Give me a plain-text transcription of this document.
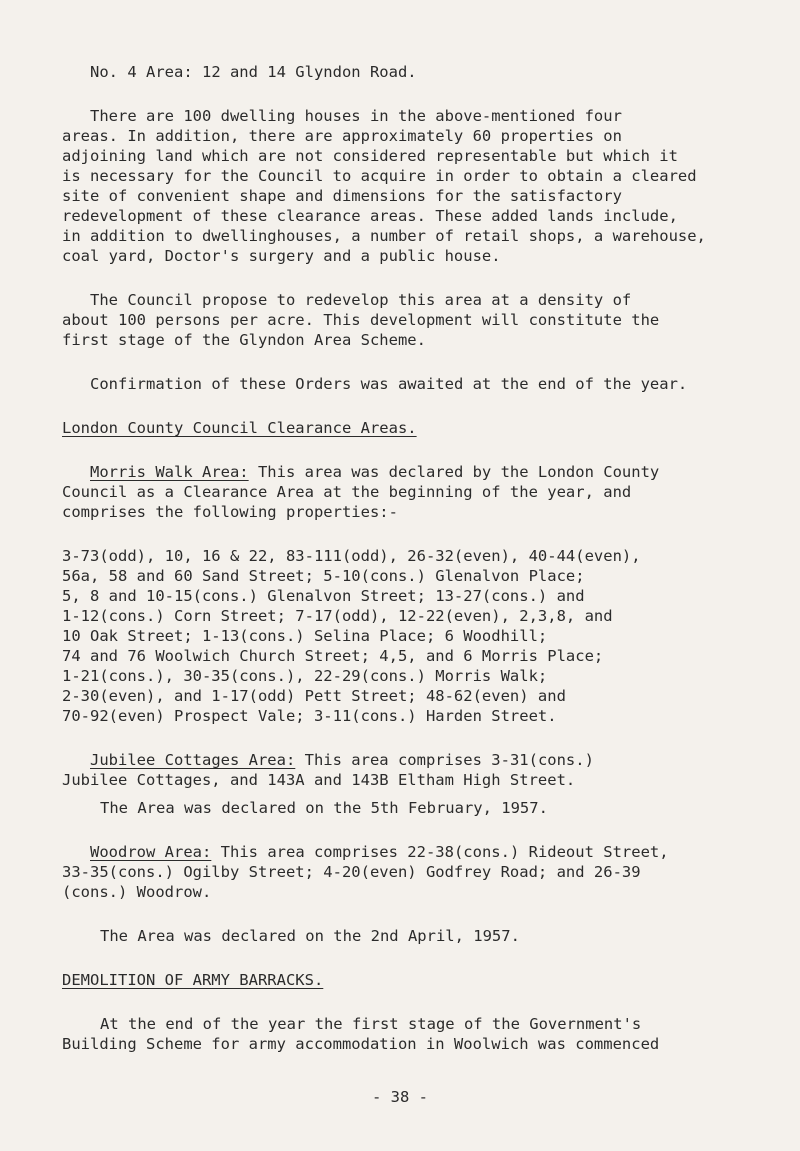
No. 4 Area: 12 and 14 Glyndon Road.
There are 100 dwelling houses in the above-mentioned four
areas. In addition, there are approximately 60 properties on
adjoining land which are not considered representable but which it
is necessary for the Council to acquire in order to obtain a cleared
site of convenient shape and dimensions for the satisfactory
redevelopment of these clearance areas. These added lands include,
in addition to dwellinghouses, a number of retail shops, a warehouse,
coal yard, Doctor's surgery and a public house.
The Council propose to redevelop this area at a density of
about 100 persons per acre. This development will constitute the
first stage of the Glyndon Area Scheme.
Confirmation of these Orders was awaited at the end of the year.
London County Council Clearance Areas.
Morris Walk Area: This area was declared by the London County
Council as a Clearance Area at the beginning of the year, and
comprises the following properties:-
3-73(odd), 10, 16 & 22, 83-111(odd), 26-32(even), 40-44(even),
56a, 58 and 60 Sand Street; 5-10(cons.) Glenalvon Place;
5, 8 and 10-15(cons.) Glenalvon Street; 13-27(cons.) and
1-12(cons.) Corn Street; 7-17(odd), 12-22(even), 2,3,8, and
10 Oak Street; 1-13(cons.) Selina Place; 6 Woodhill;
74 and 76 Woolwich Church Street; 4,5, and 6 Morris Place;
1-21(cons.), 30-35(cons.), 22-29(cons.) Morris Walk;
2-30(even), and 1-17(odd) Pett Street; 48-62(even) and
70-92(even) Prospect Vale; 3-11(cons.) Harden Street.
Jubilee Cottages Area: This area comprises 3-31(cons.)
Jubilee Cottages, and 143A and 143B Eltham High Street.
The Area was declared on the 5th February, 1957.
Woodrow Area: This area comprises 22-38(cons.) Rideout Street,
33-35(cons.) Ogilby Street; 4-20(even) Godfrey Road; and 26-39
(cons.) Woodrow.
The Area was declared on the 2nd April, 1957.
DEMOLITION OF ARMY BARRACKS.
At the end of the year the first stage of the Government's
Building Scheme for army accommodation in Woolwich was commenced
- 38 -
